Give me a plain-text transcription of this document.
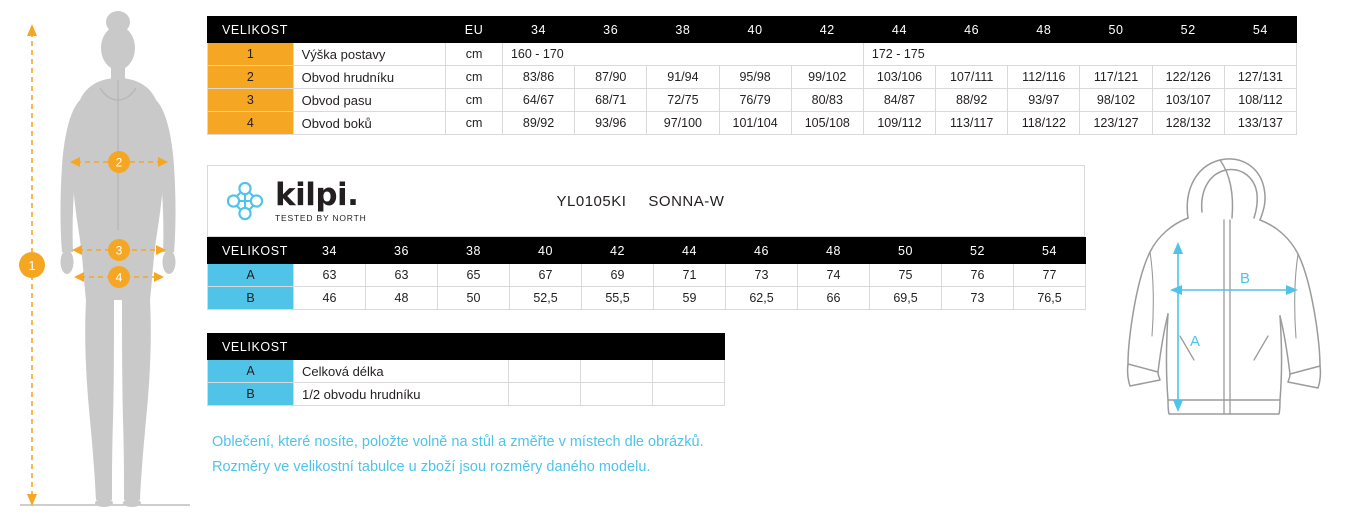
1
2
3
4
VELIKOST		EU	34	36	38	40	42	44	46	48	50	52	54
1	Výška postavy	cm	160 - 170					172 - 175					
2	Obvod hrudníku	cm	83/86	87/90	91/94	95/98	99/102	103/106	107/111	112/116	117/121	122/126	127/131
3	Obvod pasu	cm	64/67	68/71	72/75	76/79	80/83	84/87	88/92	93/97	98/102	103/107	108/112
4	Obvod boků	cm	89/92	93/96	97/100	101/104	105/108	109/112	113/117	118/122	123/127	128/132	133/137
kilpi.
TESTED BY NORTH
YL0105KI SONNA-W
VELIKOST	34	36	38	40	42	44	46	48	50	52	54
A	63	63	65	67	69	71	73	74	75	76	77
B	46	48	50	52,5	55,5	59	62,5	66	69,5	73	76,5
VELIKOST				
A	Celková délka			
B	1/2 obvodu hrudníku			
Oblečení, které nosíte, položte volně na stůl a změřte v místech dle obrázků.
Rozměry ve velikostní tabulce u zboží jsou rozměry daného modelu.
A
B
